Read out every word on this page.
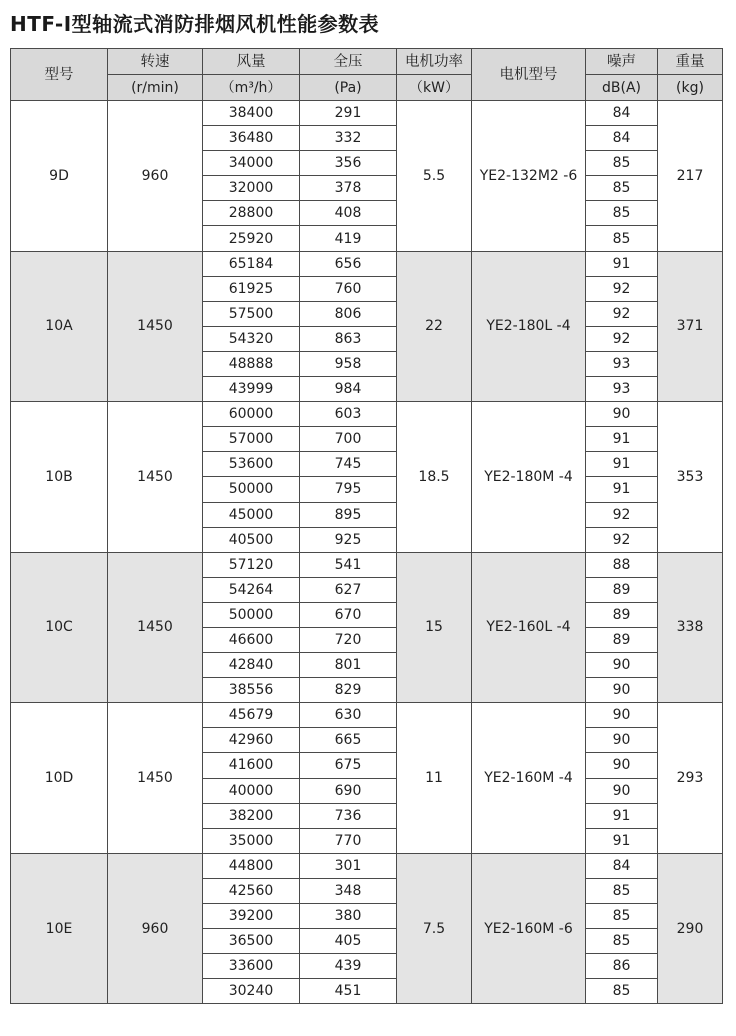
HTF-Ⅰ型轴流式消防排烟风机性能参数表
型号	转速	风量	全压	电机功率	电机型号	噪声	重量
	(r/min)	（m³/h）	(Pa)	（kW）		dB(A)	(kg)
9D	960	38400	291	5.5	YE2-132M2 -6	84	217
		36480	332			84	
		34000	356			85	
		32000	378			85	
		28800	408			85	
		25920	419			85	
10A	1450	65184	656	22	YE2-180L -4	91	371
		61925	760			92	
		57500	806			92	
		54320	863			92	
		48888	958			93	
		43999	984			93	
10B	1450	60000	603	18.5	YE2-180M -4	90	353
		57000	700			91	
		53600	745			91	
		50000	795			91	
		45000	895			92	
		40500	925			92	
10C	1450	57120	541	15	YE2-160L -4	88	338
		54264	627			89	
		50000	670			89	
		46600	720			89	
		42840	801			90	
		38556	829			90	
10D	1450	45679	630	11	YE2-160M -4	90	293
		42960	665			90	
		41600	675			90	
		40000	690			90	
		38200	736			91	
		35000	770			91	
10E	960	44800	301	7.5	YE2-160M -6	84	290
		42560	348			85	
		39200	380			85	
		36500	405			85	
		33600	439			86	
		30240	451			85	
